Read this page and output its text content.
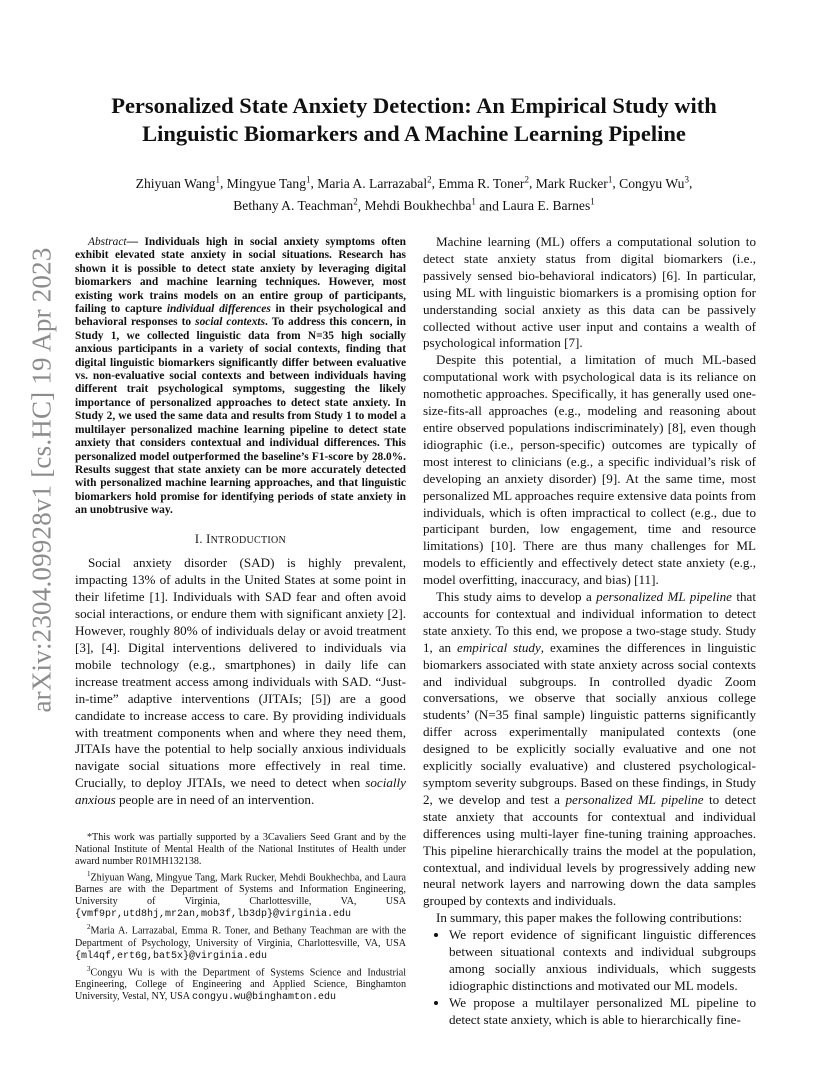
arXiv:2304.09928v1 [cs.HC] 19 Apr 2023
Personalized State Anxiety Detection: An Empirical Study with Linguistic Biomarkers and A Machine Learning Pipeline
Zhiyuan Wang$^1$, Mingyue Tang$^1$, Maria A. Larrazabal$^2$, Emma R. Toner$^2$, Mark Rucker$^1$, Congyu Wu$^3$,
Bethany A. Teachman$^2$, Mehdi Boukhechba$^1$ and Laura E. Barnes$^1$

Abstract— Individuals high in social anxiety symptoms often exhibit elevated state anxiety in social situations. Research has shown it is possible to detect state anxiety by leveraging digital biomarkers and machine learning techniques. However, most existing work trains models on an entire group of participants, failing to capture individual differences in their psychological and behavioral responses to social contexts. To address this concern, in Study 1, we collected linguistic data from N=35 high socially anxious participants in a variety of social contexts, finding that digital linguistic biomarkers significantly differ between evaluative vs. non-evaluative social contexts and between individuals having different trait psychological symptoms, suggesting the likely importance of personalized approaches to detect state anxiety. In Study 2, we used the same data and results from Study 1 to model a multilayer personalized machine learning pipeline to detect state anxiety that considers contextual and individual differences. This personalized model outperformed the baseline’s F1-score by 28.0%. Results suggest that state anxiety can be more accurately detected with personalized machine learning approaches, and that linguistic biomarkers hold promise for identifying periods of state anxiety in an unobtrusive way.

I. INTRODUCTION

Social anxiety disorder (SAD) is highly prevalent, impacting 13% of adults in the United States at some point in their lifetime [1]. Individuals with SAD fear and often avoid social interactions, or endure them with significant anxiety [2]. However, roughly 80% of individuals delay or avoid treatment [3], [4]. Digital interventions delivered to individuals via mobile technology (e.g., smartphones) in daily life can increase treatment access among individuals with SAD. “Just-in-time” adaptive interventions (JITAIs; [5]) are a good candidate to increase access to care. By providing individuals with treatment components when and where they need them, JITAIs have the potential to help socially anxious individuals navigate social situations more effectively in real time. Crucially, to deploy JITAIs, we need to detect when socially anxious people are in need of an intervention.

*This work was partially supported by a 3Cavaliers Seed Grant and by the National Institute of Mental Health of the National Institutes of Health under award number R01MH132138.

$^1$Zhiyuan Wang, Mingyue Tang, Mark Rucker, Mehdi Boukhechba, and Laura Barnes are with the Department of Systems and Information Engineering, University of Virginia, Charlottesville, VA, USA {vmf9pr,utd8hj,mr2an,mob3f,lb3dp}@virginia.edu

$^2$Maria A. Larrazabal, Emma R. Toner, and Bethany Teachman are with the Department of Psychology, University of Virginia, Charlottesville, VA, USA {ml4qf,ert6g,bat5x}@virginia.edu

$^3$Congyu Wu is with the Department of Systems Science and Industrial Engineering, College of Engineering and Applied Science, Binghamton University, Vestal, NY, USA congyu.wu@binghamton.edu

Machine learning (ML) offers a computational solution to detect state anxiety status from digital biomarkers (i.e., passively sensed bio-behavioral indicators) [6]. In particular, using ML with linguistic biomarkers is a promising option for understanding social anxiety as this data can be passively collected without active user input and contains a wealth of psychological information [7].

Despite this potential, a limitation of much ML-based computational work with psychological data is its reliance on nomothetic approaches. Specifically, it has generally used one-size-fits-all approaches (e.g., modeling and reasoning about entire observed populations indiscriminately) [8], even though idiographic (i.e., person-specific) outcomes are typically of most interest to clinicians (e.g., a specific individual’s risk of developing an anxiety disorder) [9]. At the same time, most personalized ML approaches require extensive data points from individuals, which is often impractical to collect (e.g., due to participant burden, low engagement, time and resource limitations) [10]. There are thus many challenges for ML models to efficiently and effectively detect state anxiety (e.g., model overfitting, inaccuracy, and bias) [11].

This study aims to develop a personalized ML pipeline that accounts for contextual and individual information to detect state anxiety. To this end, we propose a two-stage study. Study 1, an empirical study, examines the differences in linguistic biomarkers associated with state anxiety across social contexts and individual subgroups. In controlled dyadic Zoom conversations, we observe that socially anxious college students’ (N=35 final sample) linguistic patterns significantly differ across experimentally manipulated contexts (one designed to be explicitly socially evaluative and one not explicitly socially evaluative) and clustered psychological-symptom severity subgroups. Based on these findings, in Study 2, we develop and test a personalized ML pipeline to detect state anxiety that accounts for contextual and individual differences using multi-layer fine-tuning training approaches. This pipeline hierarchically trains the model at the population, contextual, and individual levels by progressively adding new neural network layers and narrowing down the data samples grouped by contexts and individuals.

In summary, this paper makes the following contributions:

• We report evidence of significant linguistic differences between situational contexts and individual subgroups among socially anxious individuals, which suggests idiographic distinctions and motivated our ML models.
• We propose a multilayer personalized ML pipeline to detect state anxiety, which is able to hierarchically fine-
